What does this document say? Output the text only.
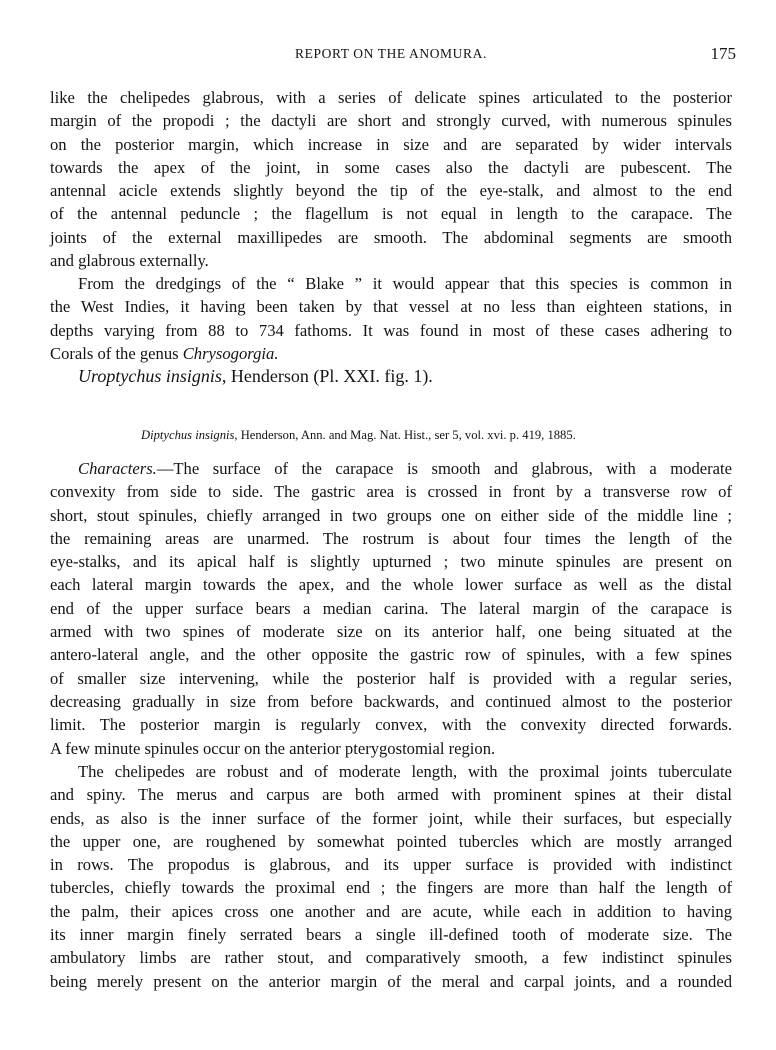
REPORT ON THE ANOMURA.	175
like the chelipedes glabrous, with a series of delicate spines articulated to the posterior
margin of the propodi ; the dactyli are short and strongly curved, with numerous spinules
on the posterior margin, which increase in size and are separated by wider intervals
towards the apex of the joint, in some cases also the dactyli are pubescent. The
antennal acicle extends slightly beyond the tip of the eye-stalk, and almost to the end
of the antennal peduncle ; the flagellum is not equal in length to the carapace. The
joints of the external maxillipedes are smooth. The abdominal segments are smooth
and glabrous externally.
From the dredgings of the “ Blake ” it would appear that this species is common in
the West Indies, it having been taken by that vessel at no less than eighteen stations, in
depths varying from 88 to 734 fathoms. It was found in most of these cases adhering to
Corals of the genus Chrysogorgia.
Uroptychus insignis, Henderson (Pl. XXI. fig. 1).
Diptychus insignis, Henderson, Ann. and Mag. Nat. Hist., ser 5, vol. xvi. p. 419, 1885.
Characters.—The surface of the carapace is smooth and glabrous, with a moderate
convexity from side to side. The gastric area is crossed in front by a transverse row of
short, stout spinules, chiefly arranged in two groups one on either side of the middle line ;
the remaining areas are unarmed. The rostrum is about four times the length of the
eye-stalks, and its apical half is slightly upturned ; two minute spinules are present on
each lateral margin towards the apex, and the whole lower surface as well as the distal
end of the upper surface bears a median carina. The lateral margin of the carapace is
armed with two spines of moderate size on its anterior half, one being situated at the
antero-lateral angle, and the other opposite the gastric row of spinules, with a few spines
of smaller size intervening, while the posterior half is provided with a regular series,
decreasing gradually in size from before backwards, and continued almost to the posterior
limit. The posterior margin is regularly convex, with the convexity directed forwards.
A few minute spinules occur on the anterior pterygostomial region.
The chelipedes are robust and of moderate length, with the proximal joints tuberculate
and spiny. The merus and carpus are both armed with prominent spines at their distal
ends, as also is the inner surface of the former joint, while their surfaces, but especially
the upper one, are roughened by somewhat pointed tubercles which are mostly arranged
in rows. The propodus is glabrous, and its upper surface is provided with indistinct
tubercles, chiefly towards the proximal end ; the fingers are more than half the length of
the palm, their apices cross one another and are acute, while each in addition to having
its inner margin finely serrated bears a single ill-defined tooth of moderate size. The
ambulatory limbs are rather stout, and comparatively smooth, a few indistinct spinules
being merely present on the anterior margin of the meral and carpal joints, and a rounded
